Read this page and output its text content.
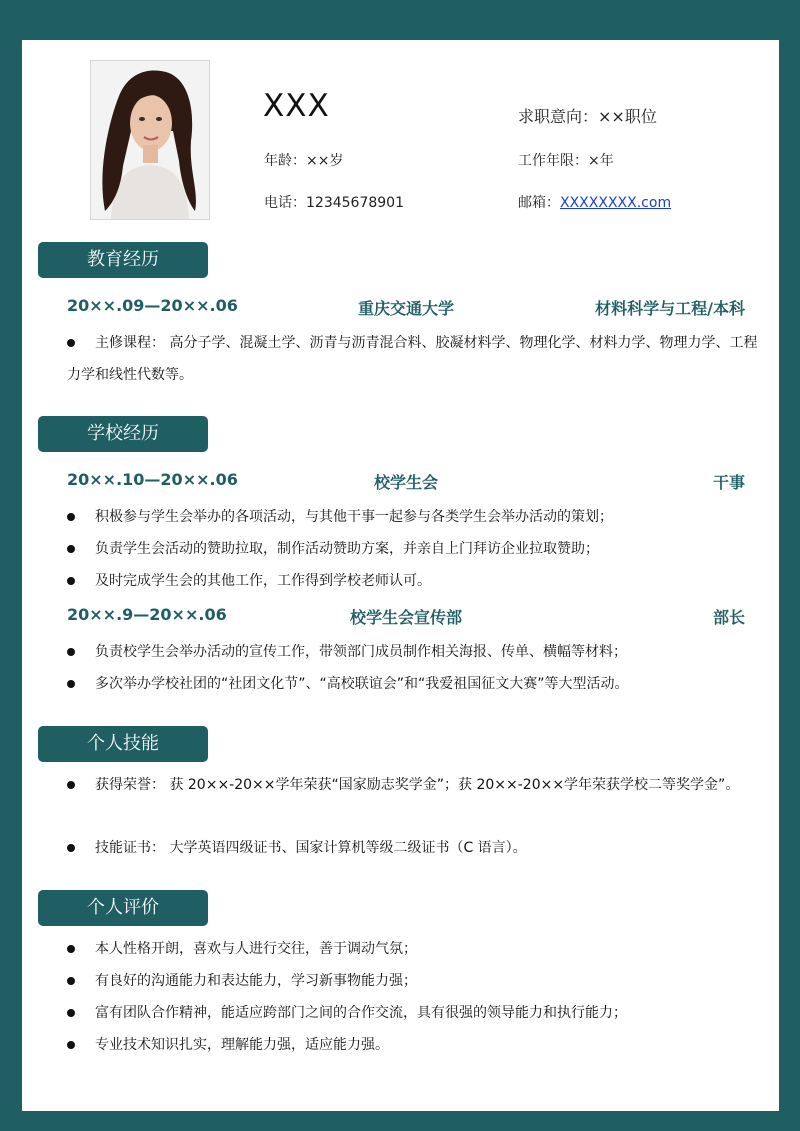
XXX
年龄：××岁
电话：12345678901
求职意向：××职位
工作年限：×年
邮箱：XXXXXXXX.com
教育经历
20××.09—20××.06	重庆交通大学	材料科学与工程/本科
主修课程： 高分子学、混凝土学、沥青与沥青混合料、胶凝材料学、物理化学、材料力学、物理力学、工程力学和线性代数等。
学校经历
20××.10—20××.06	校学生会	干事
积极参与学生会举办的各项活动，与其他干事一起参与各类学生会举办活动的策划；
负责学生会活动的赞助拉取，制作活动赞助方案，并亲自上门拜访企业拉取赞助；
及时完成学生会的其他工作，工作得到学校老师认可。
20××.9—20××.06	校学生会宣传部	部长
负责校学生会举办活动的宣传工作，带领部门成员制作相关海报、传单、横幅等材料；
多次举办学校社团的“社团文化节”、“高校联谊会”和“我爱祖国征文大赛”等大型活动。
个人技能
获得荣誉： 获 20××-20××学年荣获“国家励志奖学金”；获 20××-20××学年荣获学校二等奖学金”。
技能证书： 大学英语四级证书、国家计算机等级二级证书（C 语言）。
个人评价
本人性格开朗，喜欢与人进行交往，善于调动气氛；
有良好的沟通能力和表达能力，学习新事物能力强；
富有团队合作精神，能适应跨部门之间的合作交流，具有很强的领导能力和执行能力；
专业技术知识扎实，理解能力强，适应能力强。
